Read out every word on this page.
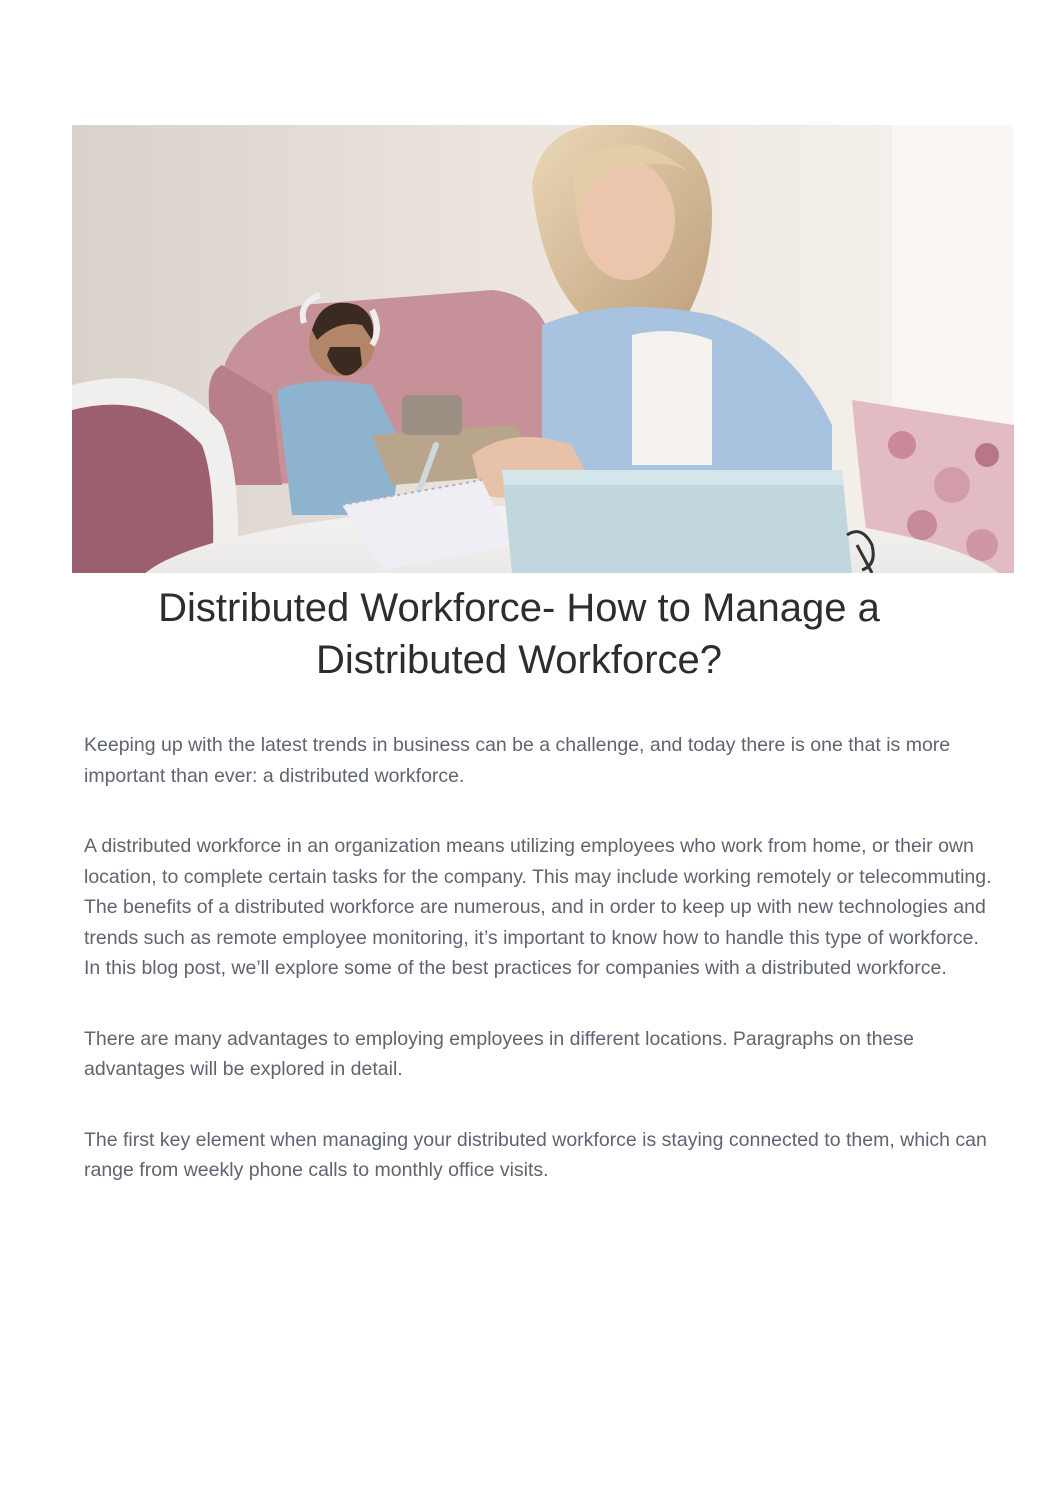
Distributed Workforce- How to Manage a Distributed Workforce?

Keeping up with the latest trends in business can be a challenge, and today there is one that is more important than ever: a distributed workforce.

A distributed workforce in an organization means utilizing employees who work from home, or their own location, to complete certain tasks for the company. This may include working remotely or telecommuting. The benefits of a distributed workforce are numerous, and in order to keep up with new technologies and trends such as remote employee monitoring, it’s important to know how to handle this type of workforce. In this blog post, we’ll explore some of the best practices for companies with a distributed workforce.

There are many advantages to employing employees in different locations. Paragraphs on these advantages will be explored in detail.

The first key element when managing your distributed workforce is staying connected to them, which can range from weekly phone calls to monthly office visits.
